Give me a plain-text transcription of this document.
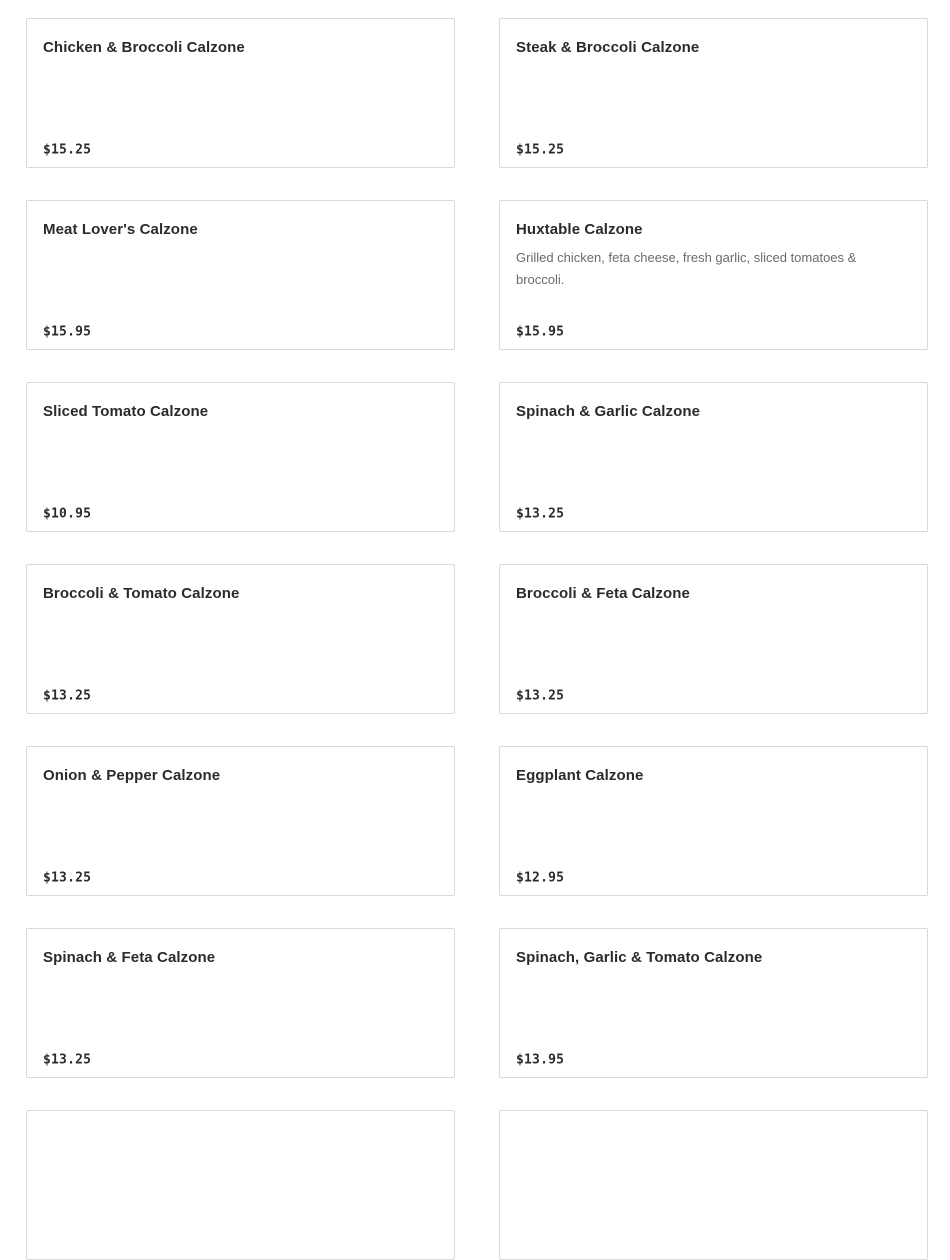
Chicken & Broccoli Calzone
$15.25
Steak & Broccoli Calzone
$15.25
Meat Lover's Calzone
$15.95
Huxtable Calzone
Grilled chicken, feta cheese, fresh garlic, sliced tomatoes & broccoli.
$15.95
Sliced Tomato Calzone
$10.95
Spinach & Garlic Calzone
$13.25
Broccoli & Tomato Calzone
$13.25
Broccoli & Feta Calzone
$13.25
Onion & Pepper Calzone
$13.25
Eggplant Calzone
$12.95
Spinach & Feta Calzone
$13.25
Spinach, Garlic & Tomato Calzone
$13.95
